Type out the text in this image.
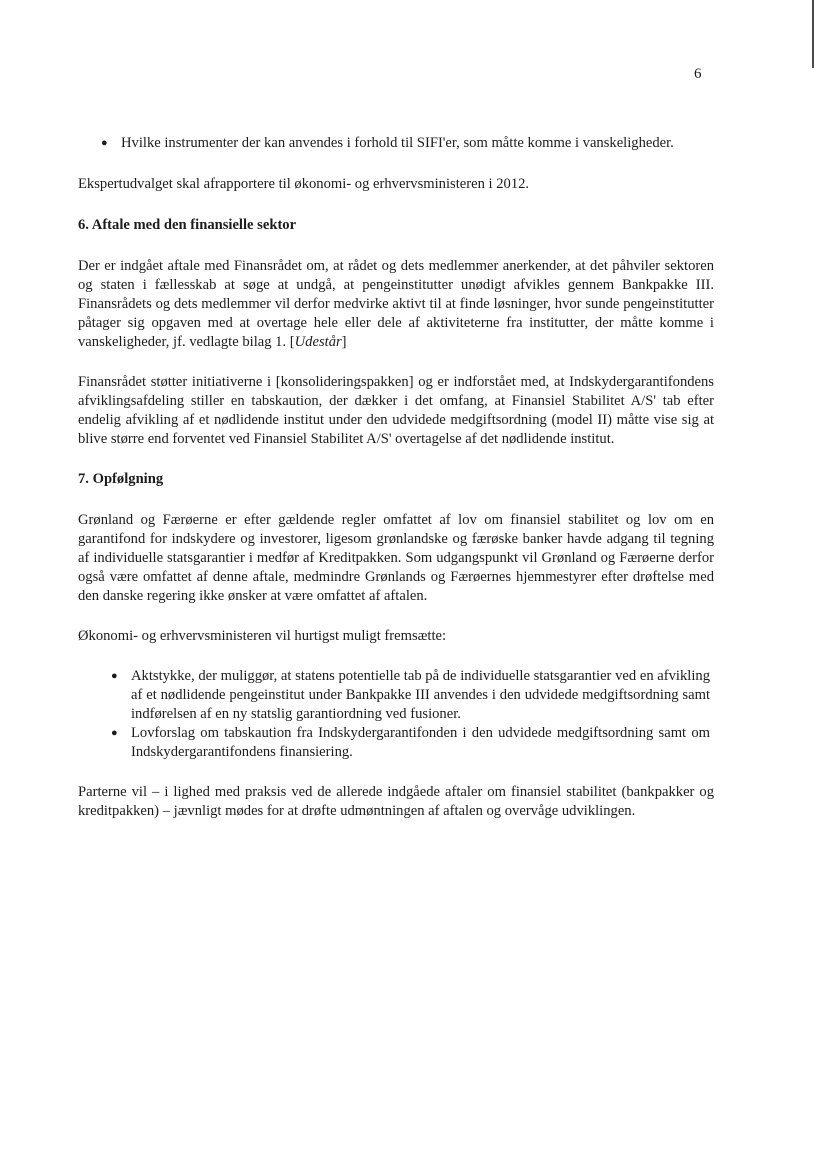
6
● Hvilke instrumenter der kan anvendes i forhold til SIFI'er, som måtte komme i vanskeligheder.

Ekspertudvalget skal afrapportere til økonomi- og erhvervsministeren i 2012.

6. Aftale med den finansielle sektor

Der er indgået aftale med Finansrådet om, at rådet og dets medlemmer anerkender, at det påhviler sektoren og staten i fællesskab at søge at undgå, at pengeinstitutter unødigt afvikles gennem Bankpakke III. Finansrådets og dets medlemmer vil derfor medvirke aktivt til at finde løsninger, hvor sunde pengeinstitutter påtager sig opgaven med at overtage hele eller dele af aktiviteterne fra institutter, der måtte komme i vanskeligheder, jf. vedlagte bilag 1. [Udestår]

Finansrådet støtter initiativerne i [konsolideringspakken] og er indforstået med, at Indskydergarantifondens afviklingsafdeling stiller en tabskaution, der dækker i det omfang, at Finansiel Stabilitet A/S' tab efter endelig afvikling af et nødlidende institut under den udvidede medgiftsordning (model II) måtte vise sig at blive større end forventet ved Finansiel Stabilitet A/S' overtagelse af det nødlidende institut.

7. Opfølgning

Grønland og Færøerne er efter gældende regler omfattet af lov om finansiel stabilitet og lov om en garantifond for indskydere og investorer, ligesom grønlandske og færøske banker havde adgang til tegning af individuelle statsgarantier i medfør af Kreditpakken. Som udgangspunkt vil Grønland og Færøerne derfor også være omfattet af denne aftale, medmindre Grønlands og Færøernes hjemmestyrer efter drøftelse med den danske regering ikke ønsker at være omfattet af aftalen.

Økonomi- og erhvervsministeren vil hurtigst muligt fremsætte:

● Aktstykke, der muliggør, at statens potentielle tab på de individuelle statsgarantier ved en afvikling af et nødlidende pengeinstitut under Bankpakke III anvendes i den udvidede medgiftsordning samt indførelsen af en ny statslig garantiordning ved fusioner.
● Lovforslag om tabskaution fra Indskydergarantifonden i den udvidede medgiftsordning samt om Indskydergarantifondens finansiering.

Parterne vil – i lighed med praksis ved de allerede indgåede aftaler om finansiel stabilitet (bankpakker og kreditpakken) – jævnligt mødes for at drøfte udmøntningen af aftalen og overvåge udviklingen.
